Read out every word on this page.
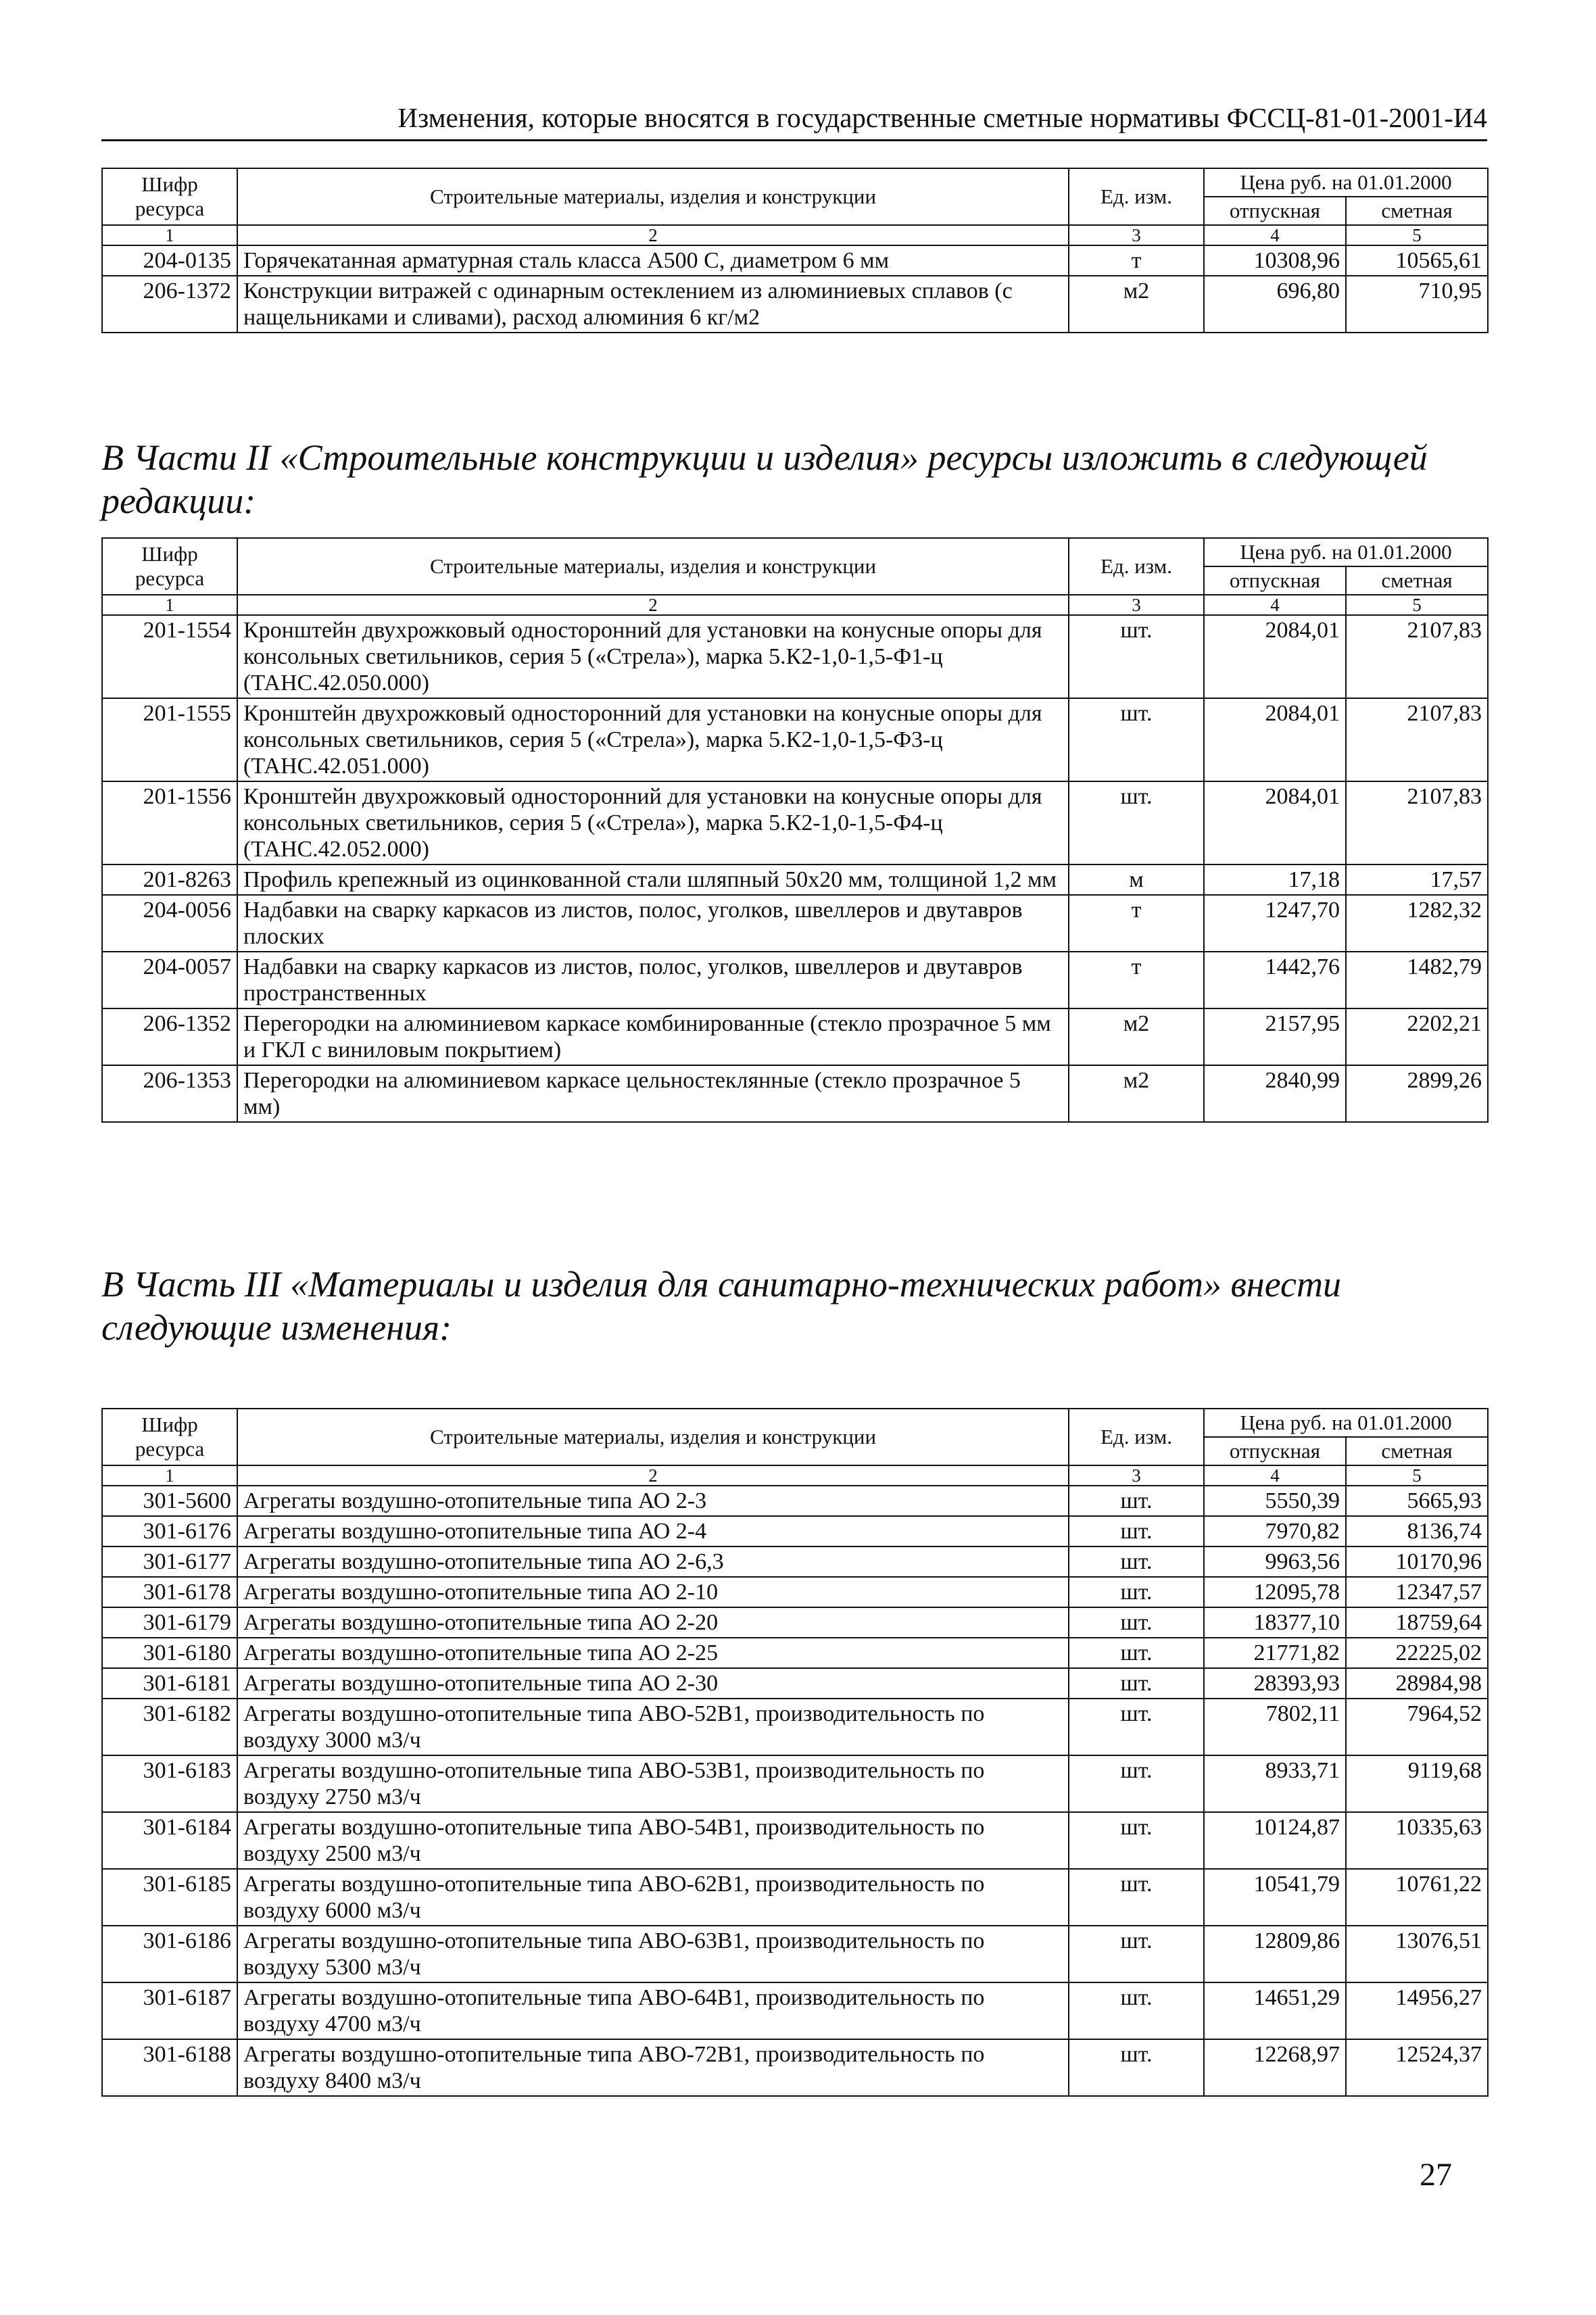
Изменения, которые вносятся в государственные сметные нормативы ФССЦ-81-01-2001-И4
Шифр ресурса	Строительные материалы, изделия и конструкции	Ед. изм.	Цена руб. на 01.01.2000	
			отпускная	сметная
1	2	3	4	5
204-0135	Горячекатанная арматурная сталь класса А500 С, диаметром 6 мм	т	10308,96	10565,61
206-1372	Конструкции витражей с одинарным остеклением из алюминиевых сплавов (с нащельниками и сливами), расход алюминия 6 кг/м2	м2	696,80	710,95
В Части II «Строительные конструкции и изделия» ресурсы изложить в следующей редакции:
Шифр ресурса	Строительные материалы, изделия и конструкции	Ед. изм.	Цена руб. на 01.01.2000	
			отпускная	сметная
1	2	3	4	5
201-1554	Кронштейн двухрожковый односторонний для установки на конусные опоры для консольных светильников, серия 5 («Стрела»), марка 5.К2-1,0-1,5-Ф1-ц (ТАНС.42.050.000)	шт.	2084,01	2107,83
201-1555	Кронштейн двухрожковый односторонний для установки на конусные опоры для консольных светильников, серия 5 («Стрела»), марка 5.К2-1,0-1,5-Ф3-ц (ТАНС.42.051.000)	шт.	2084,01	2107,83
201-1556	Кронштейн двухрожковый односторонний для установки на конусные опоры для консольных светильников, серия 5 («Стрела»), марка 5.К2-1,0-1,5-Ф4-ц (ТАНС.42.052.000)	шт.	2084,01	2107,83
201-8263	Профиль крепежный из оцинкованной стали шляпный 50х20 мм, толщиной 1,2 мм	м	17,18	17,57
204-0056	Надбавки на сварку каркасов из листов, полос, уголков, швеллеров и двутавров плоских	т	1247,70	1282,32
204-0057	Надбавки на сварку каркасов из листов, полос, уголков, швеллеров и двутавров пространственных	т	1442,76	1482,79
206-1352	Перегородки на алюминиевом каркасе комбинированные (стекло прозрачное 5 мм и ГКЛ с виниловым покрытием)	м2	2157,95	2202,21
206-1353	Перегородки на алюминиевом каркасе цельностеклянные (стекло прозрачное 5 мм)	м2	2840,99	2899,26
В Часть III «Материалы и изделия для санитарно-технических работ» внести следующие изменения:
Шифр ресурса	Строительные материалы, изделия и конструкции	Ед. изм.	Цена руб. на 01.01.2000	
			отпускная	сметная
1	2	3	4	5
301-5600	Агрегаты воздушно-отопительные типа АО 2-3	шт.	5550,39	5665,93
301-6176	Агрегаты воздушно-отопительные типа АО 2-4	шт.	7970,82	8136,74
301-6177	Агрегаты воздушно-отопительные типа АО 2-6,3	шт.	9963,56	10170,96
301-6178	Агрегаты воздушно-отопительные типа АО 2-10	шт.	12095,78	12347,57
301-6179	Агрегаты воздушно-отопительные типа АО 2-20	шт.	18377,10	18759,64
301-6180	Агрегаты воздушно-отопительные типа АО 2-25	шт.	21771,82	22225,02
301-6181	Агрегаты воздушно-отопительные типа АО 2-30	шт.	28393,93	28984,98
301-6182	Агрегаты воздушно-отопительные типа АВО-52В1, производительность по воздуху 3000 м3/ч	шт.	7802,11	7964,52
301-6183	Агрегаты воздушно-отопительные типа АВО-53В1, производительность по воздуху 2750 м3/ч	шт.	8933,71	9119,68
301-6184	Агрегаты воздушно-отопительные типа АВО-54В1, производительность по воздуху 2500 м3/ч	шт.	10124,87	10335,63
301-6185	Агрегаты воздушно-отопительные типа АВО-62В1, производительность по воздуху 6000 м3/ч	шт.	10541,79	10761,22
301-6186	Агрегаты воздушно-отопительные типа АВО-63В1, производительность по воздуху 5300 м3/ч	шт.	12809,86	13076,51
301-6187	Агрегаты воздушно-отопительные типа АВО-64В1, производительность по воздуху 4700 м3/ч	шт.	14651,29	14956,27
301-6188	Агрегаты воздушно-отопительные типа АВО-72В1, производительность по воздуху 8400 м3/ч	шт.	12268,97	12524,37
27
